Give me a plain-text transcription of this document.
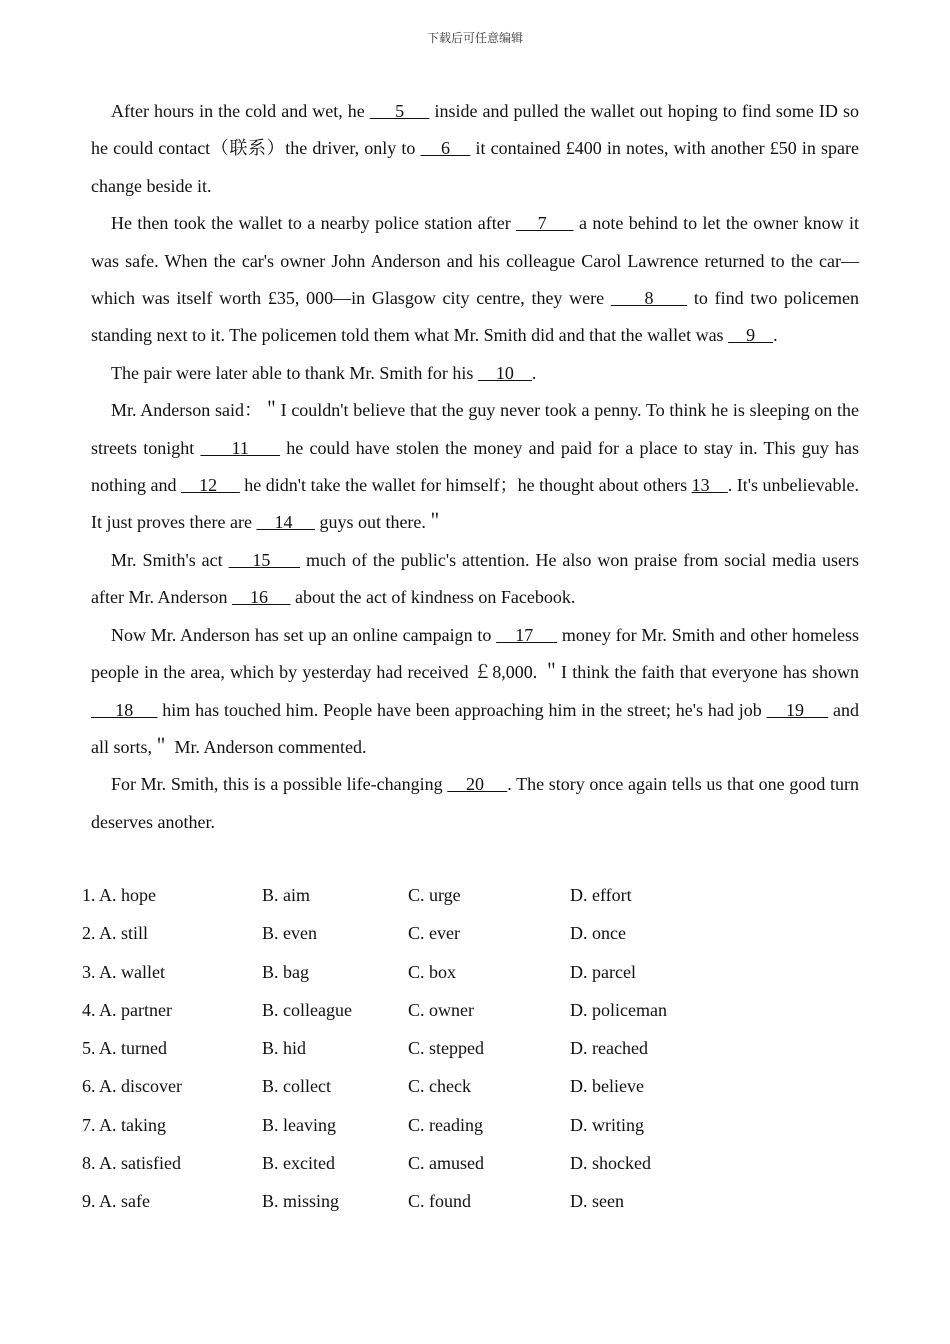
下载后可任意编辑

After hours in the cold and wet, he      5      inside and pulled the wallet out hoping to find some ID so he could contact（联系）the driver, only to     6     it contained £400 in notes, with another £50 in spare change beside it.

He then took the wallet to a nearby police station after     7      a note behind to let the owner know it was safe. When the car's owner John Anderson and his colleague Carol Lawrence returned to the car—which was itself worth £35, 000—in Glasgow city centre, they were      8      to find two policemen standing next to it. The policemen told them what Mr. Smith did and that the wallet was     9    .

The pair were later able to thank Mr. Smith for his     10    .

Mr. Anderson said：＂I couldn't believe that the guy never took a penny. To think he is sleeping on the streets tonight      11      he could have stolen the money and paid for a place to stay in. This guy has nothing and     12      he didn't take the wallet for himself；he thought about others 13    . It's unbelievable. It just proves there are     14      guys out there.＂

Mr. Smith's act     15      much of the public's attention. He also won praise from social media users after Mr. Anderson     16      about the act of kindness on Facebook.

Now Mr. Anderson has set up an online campaign to     17      money for Mr. Smith and other homeless people in the area, which by yesterday had received ￡8,000. ＂I think the faith that everyone has shown      18      him has touched him. People have been approaching him in the street; he's had job     19      and all sorts,＂ Mr. Anderson commented.

For Mr. Smith, this is a possible life-changing     20     . The story once again tells us that one good turn deserves another.

1. A. hope	B. aim	C. urge	D. effort
2. A. still	B. even	C. ever	D. once
3. A. wallet	B. bag	C. box	D. parcel
4. A. partner	B. colleague	C. owner	D. policeman
5. A. turned	B. hid	C. stepped	D. reached
6. A. discover	B. collect	C. check	D. believe
7. A. taking	B. leaving	C. reading	D. writing
8. A. satisfied	B. excited	C. amused	D. shocked
9. A. safe	B. missing	C. found	D. seen
